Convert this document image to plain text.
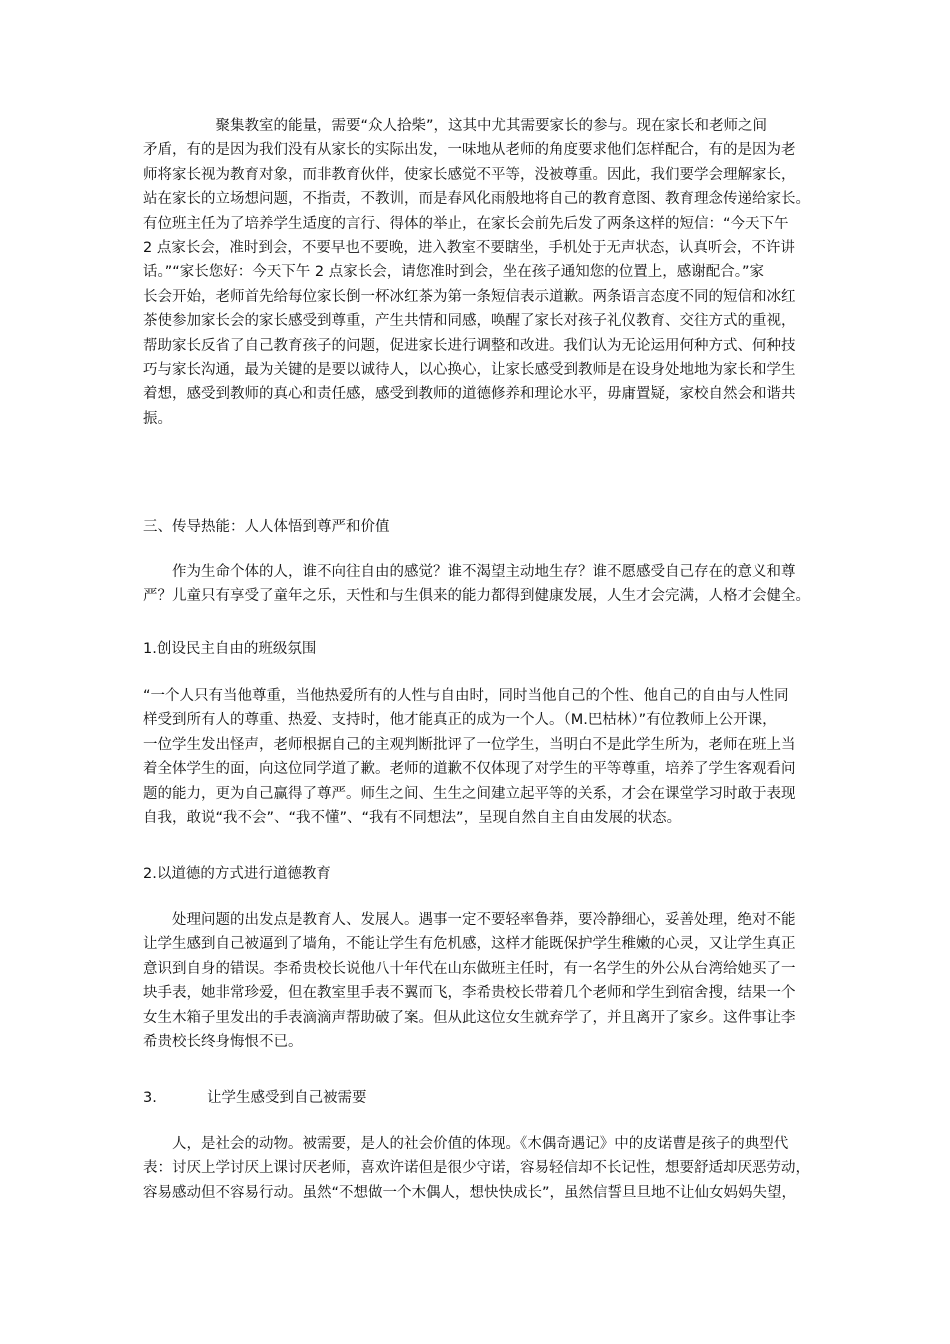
　　　　　聚集教室的能量，需要“众人拾柴”，这其中尤其需要家长的参与。现在家长和老师之间
矛盾，有的是因为我们没有从家长的实际出发，一味地从老师的角度要求他们怎样配合，有的是因为老
师将家长视为教育对象，而非教育伙伴，使家长感觉不平等，没被尊重。因此，我们要学会理解家长，
站在家长的立场想问题，不指责，不教训，而是春风化雨般地将自己的教育意图、教育理念传递给家长。
有位班主任为了培养学生适度的言行、得体的举止，在家长会前先后发了两条这样的短信：“今天下午
2 点家长会，准时到会，不要早也不要晚，进入教室不要瞎坐，手机处于无声状态，认真听会，不许讲
话。”“家长您好：今天下午 2 点家长会，请您准时到会，坐在孩子通知您的位置上，感谢配合。”家
长会开始，老师首先给每位家长倒一杯冰红茶为第一条短信表示道歉。两条语言态度不同的短信和冰红
茶使参加家长会的家长感受到尊重，产生共情和同感，唤醒了家长对孩子礼仪教育、交往方式的重视，
帮助家长反省了自己教育孩子的问题，促进家长进行调整和改进。我们认为无论运用何种方式、何种技
巧与家长沟通，最为关键的是要以诚待人，以心换心，让家长感受到教师是在设身处地地为家长和学生
着想，感受到教师的真心和责任感，感受到教师的道德修养和理论水平，毋庸置疑，家校自然会和谐共
振。
三、传导热能：人人体悟到尊严和价值
　　作为生命个体的人，谁不向往自由的感觉？谁不渴望主动地生存？谁不愿感受自己存在的意义和尊
严？儿童只有享受了童年之乐，天性和与生俱来的能力都得到健康发展，人生才会完满，人格才会健全。
1.创设民主自由的班级氛围
“一个人只有当他尊重，当他热爱所有的人性与自由时，同时当他自己的个性、他自己的自由与人性同
样受到所有人的尊重、热爱、支持时，他才能真正的成为一个人。（M.巴枯林）”有位教师上公开课，
一位学生发出怪声，老师根据自己的主观判断批评了一位学生，当明白不是此学生所为，老师在班上当
着全体学生的面，向这位同学道了歉。老师的道歉不仅体现了对学生的平等尊重，培养了学生客观看问
题的能力，更为自己赢得了尊严。师生之间、生生之间建立起平等的关系，才会在课堂学习时敢于表现
自我，敢说“我不会”、“我不懂”、“我有不同想法”，呈现自然自主自由发展的状态。
2.以道德的方式进行道德教育
　　处理问题的出发点是教育人、发展人。遇事一定不要轻率鲁莽，要冷静细心，妥善处理，绝对不能
让学生感到自己被逼到了墙角，不能让学生有危机感，这样才能既保护学生稚嫩的心灵，又让学生真正
意识到自身的错误。李希贵校长说他八十年代在山东做班主任时，有一名学生的外公从台湾给她买了一
块手表，她非常珍爱，但在教室里手表不翼而飞，李希贵校长带着几个老师和学生到宿舍搜，结果一个
女生木箱子里发出的手表滴滴声帮助破了案。但从此这位女生就弃学了，并且离开了家乡。这件事让李
希贵校长终身悔恨不已。
3.	让学生感受到自己被需要
　　人，是社会的动物。被需要，是人的社会价值的体现。《木偶奇遇记》中的皮诺曹是孩子的典型代
表：讨厌上学讨厌上课讨厌老师，喜欢许诺但是很少守诺，容易轻信却不长记性，想要舒适却厌恶劳动，
容易感动但不容易行动。虽然“不想做一个木偶人，想快快成长”，虽然信誓旦旦地不让仙女妈妈失望，
